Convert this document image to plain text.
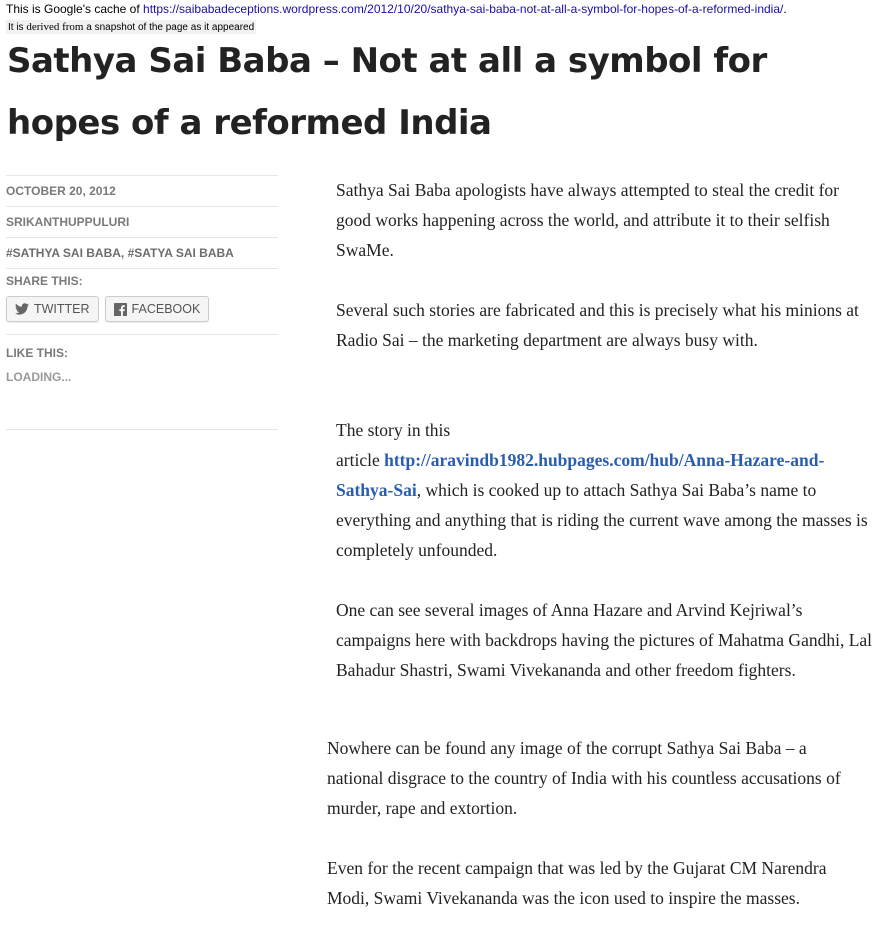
This is Google's cache of https://saibabadeceptions.wordpress.com/2012/10/20/sathya-sai-baba-not-at-all-a-symbol-for-hopes-of-a-reformed-india/.
It is derived from a snapshot of the page as it appeared
Sathya Sai Baba – Not at all a symbol for
hopes of a reformed India
OCTOBER 20, 2012
SRIKANTHUPPULURI
#SATHYA SAI BABA, #SATYA SAI BABA
SHARE THIS:
TWITTER	FACEBOOK
LIKE THIS:
LOADING...

Sathya Sai Baba apologists have always attempted to steal the credit for good works happening across the world, and attribute it to their selfish SwaMe.

Several such stories are fabricated and this is precisely what his minions at Radio Sai – the marketing department are always busy with.

The story in this
article http://aravindb1982.hubpages.com/hub/Anna-Hazare-and-Sathya-Sai, which is cooked up to attach Sathya Sai Baba’s name to everything and anything that is riding the current wave among the masses is completely unfounded.

One can see several images of Anna Hazare and Arvind Kejriwal’s campaigns here with backdrops having the pictures of Mahatma Gandhi, Lal Bahadur Shastri, Swami Vivekananda and other freedom fighters.

Nowhere can be found any image of the corrupt Sathya Sai Baba – a national disgrace to the country of India with his countless accusations of murder, rape and extortion.

Even for the recent campaign that was led by the Gujarat CM Narendra Modi, Swami Vivekananda was the icon used to inspire the masses.
